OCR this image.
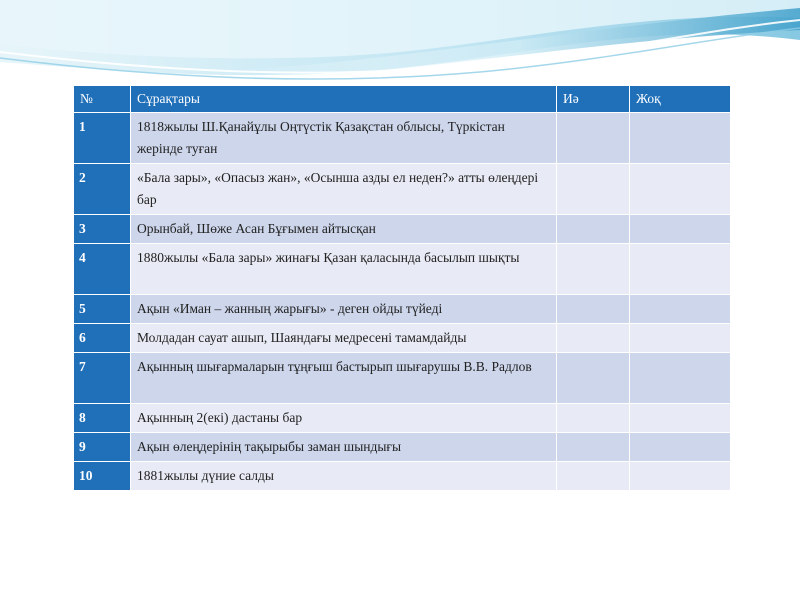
№	Сұрақтары	Иә	Жоқ
1	1818жылы Ш.Қанайұлы Оңтүстік Қазақстан облысы, Түркістан жерінде туған		
2	«Бала зары», «Опасыз жан», «Осынша азды ел неден?» атты өлеңдері бар		
3	Орынбай, Шөже Асан Бұғымен айтысқан		
4	1880жылы «Бала зары» жинағы Қазан қаласында басылып шықты		
5	Ақын «Иман – жанның жарығы» - деген ойды түйеді		
6	Молдадан сауат ашып, Шаяндағы медресені тамамдайды		
7	Ақынның шығармаларын тұңғыш бастырып шығарушы В.В. Радлов		
8	Ақынның 2(екі) дастаны бар		
9	Ақын өлеңдерінің тақырыбы заман шындығы		
10	1881жылы дүние салды		
